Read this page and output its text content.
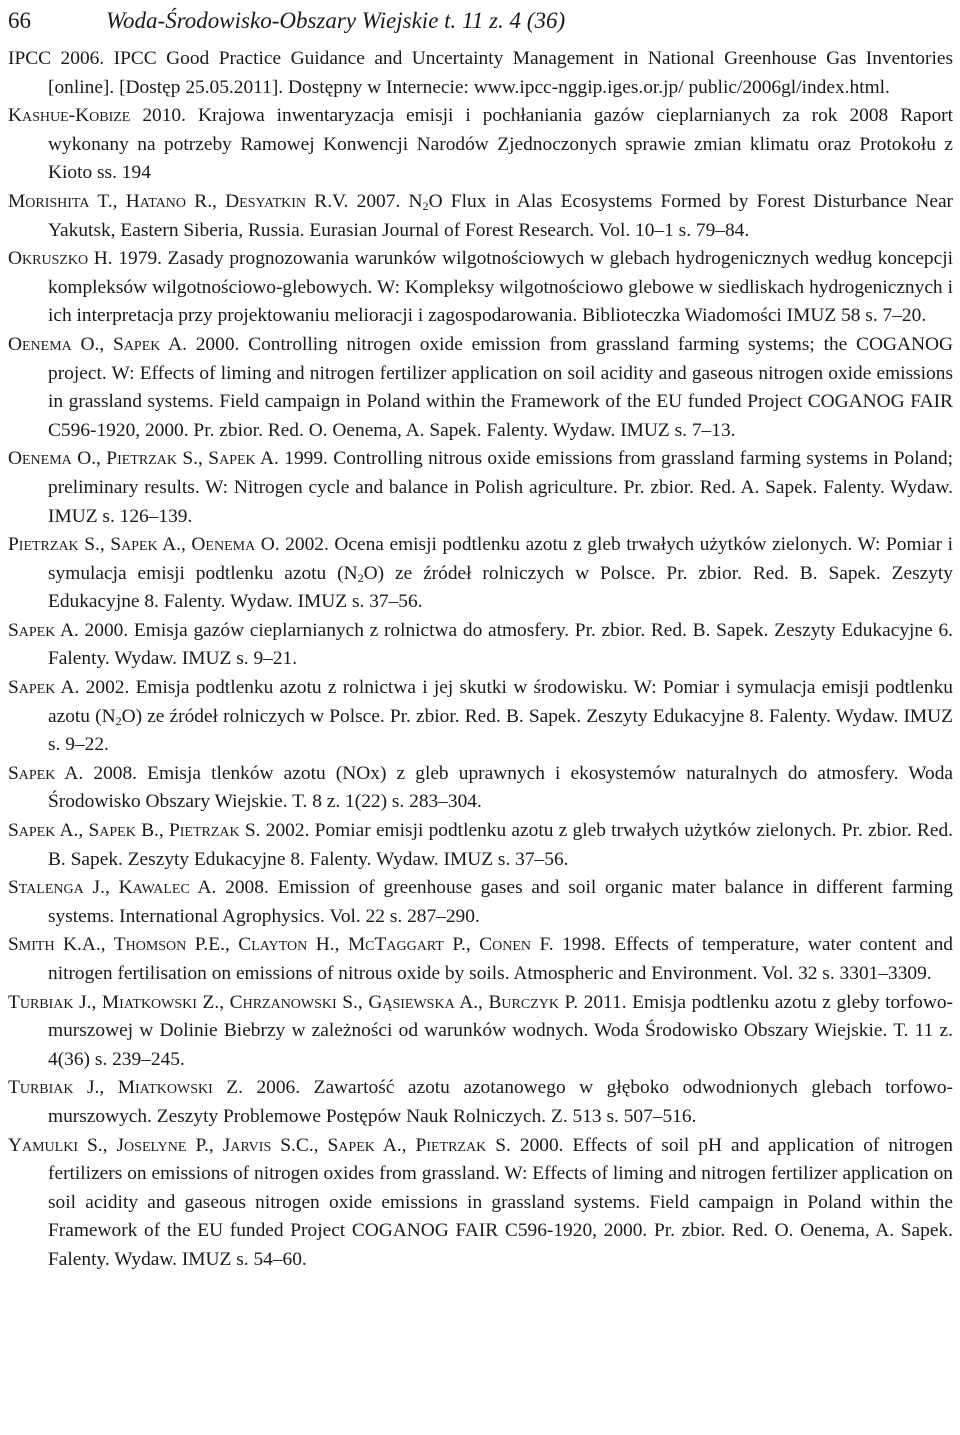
66	Woda-Środowisko-Obszary Wiejskie t. 11 z. 4 (36)

IPCC 2006. IPCC Good Practice Guidance and Uncertainty Management in National Greenhouse Gas Inventories [online]. [Dostęp 25.05.2011]. Dostępny w Internecie: www.ipcc-nggip.iges.or.jp/ public/2006gl/index.html.

Kashue-Kobize 2010. Krajowa inwentaryzacja emisji i pochłaniania gazów cieplarnianych za rok 2008 Raport wykonany na potrzeby Ramowej Konwencji Narodów Zjednoczonych sprawie zmian klimatu oraz Protokołu z Kioto ss. 194

Morishita T., Hatano R., Desyatkin R.V. 2007. $N_2O$ Flux in Alas Ecosystems Formed by Forest Disturbance Near Yakutsk, Eastern Siberia, Russia. Eurasian Journal of Forest Research. Vol. 10–1 s. 79–84.

Okruszko H. 1979. Zasady prognozowania warunków wilgotnościowych w glebach hydrogenicznych według koncepcji kompleksów wilgotnościowo-glebowych. W: Kompleksy wilgotnościowo glebowe w siedliskach hydrogenicznych i ich interpretacja przy projektowaniu melioracji i zagospodarowania. Biblioteczka Wiadomości IMUZ 58 s. 7–20.

Oenema O., Sapek A. 2000. Controlling nitrogen oxide emission from grassland farming systems; the COGANOG project. W: Effects of liming and nitrogen fertilizer application on soil acidity and gaseous nitrogen oxide emissions in grassland systems. Field campaign in Poland within the Framework of the EU funded Project COGANOG FAIR C596-1920, 2000. Pr. zbior. Red. O. Oenema, A. Sapek. Falenty. Wydaw. IMUZ s. 7–13.

Oenema O., Pietrzak S., Sapek A. 1999. Controlling nitrous oxide emissions from grassland farming systems in Poland; preliminary results. W: Nitrogen cycle and balance in Polish agriculture. Pr. zbior. Red. A. Sapek. Falenty. Wydaw. IMUZ s. 126–139.

Pietrzak S., Sapek A., Oenema O. 2002. Ocena emisji podtlenku azotu z gleb trwałych użytków zielonych. W: Pomiar i symulacja emisji podtlenku azotu $(N_2O)$ ze źródeł rolniczych w Polsce. Pr. zbior. Red. B. Sapek. Zeszyty Edukacyjne 8. Falenty. Wydaw. IMUZ s. 37–56.

Sapek A. 2000. Emisja gazów cieplarnianych z rolnictwa do atmosfery. Pr. zbior. Red. B. Sapek. Zeszyty Edukacyjne 6. Falenty. Wydaw. IMUZ s. 9–21.

Sapek A. 2002. Emisja podtlenku azotu z rolnictwa i jej skutki w środowisku. W: Pomiar i symulacja emisji podtlenku azotu $(N_2O)$ ze źródeł rolniczych w Polsce. Pr. zbior. Red. B. Sapek. Zeszyty Edukacyjne 8. Falenty. Wydaw. IMUZ s. 9–22.

Sapek A. 2008. Emisja tlenków azotu (NOx) z gleb uprawnych i ekosystemów naturalnych do atmosfery. Woda Środowisko Obszary Wiejskie. T. 8 z. 1(22) s. 283–304.

Sapek A., Sapek B., Pietrzak S. 2002. Pomiar emisji podtlenku azotu z gleb trwałych użytków zielonych. Pr. zbior. Red. B. Sapek. Zeszyty Edukacyjne 8. Falenty. Wydaw. IMUZ s. 37–56.

Stalenga J., Kawalec A. 2008. Emission of greenhouse gases and soil organic mater balance in different farming systems. International Agrophysics. Vol. 22 s. 287–290.

Smith K.A., Thomson P.E., Clayton H., McTaggart P., Conen F. 1998. Effects of temperature, water content and nitrogen fertilisation on emissions of nitrous oxide by soils. Atmospheric and Environment. Vol. 32 s. 3301–3309.

Turbiak J., Miatkowski Z., Chrzanowski S., Gąsiewska A., Burczyk P. 2011. Emisja podtlenku azotu z gleby torfowo-murszowej w Dolinie Biebrzy w zależności od warunków wodnych. Woda Środowisko Obszary Wiejskie. T. 11 z. 4(36) s. 239–245.

Turbiak J., Miatkowski Z. 2006. Zawartość azotu azotanowego w głęboko odwodnionych glebach torfowo-murszowych. Zeszyty Problemowe Postępów Nauk Rolniczych. Z. 513 s. 507–516.

Yamulki S., Joselyne P., Jarvis S.C., Sapek A., Pietrzak S. 2000. Effects of soil pH and application of nitrogen fertilizers on emissions of nitrogen oxides from grassland. W: Effects of liming and nitrogen fertilizer application on soil acidity and gaseous nitrogen oxide emissions in grassland systems. Field campaign in Poland within the Framework of the EU funded Project COGANOG FAIR C596-1920, 2000. Pr. zbior. Red. O. Oenema, A. Sapek. Falenty. Wydaw. IMUZ s. 54–60.
